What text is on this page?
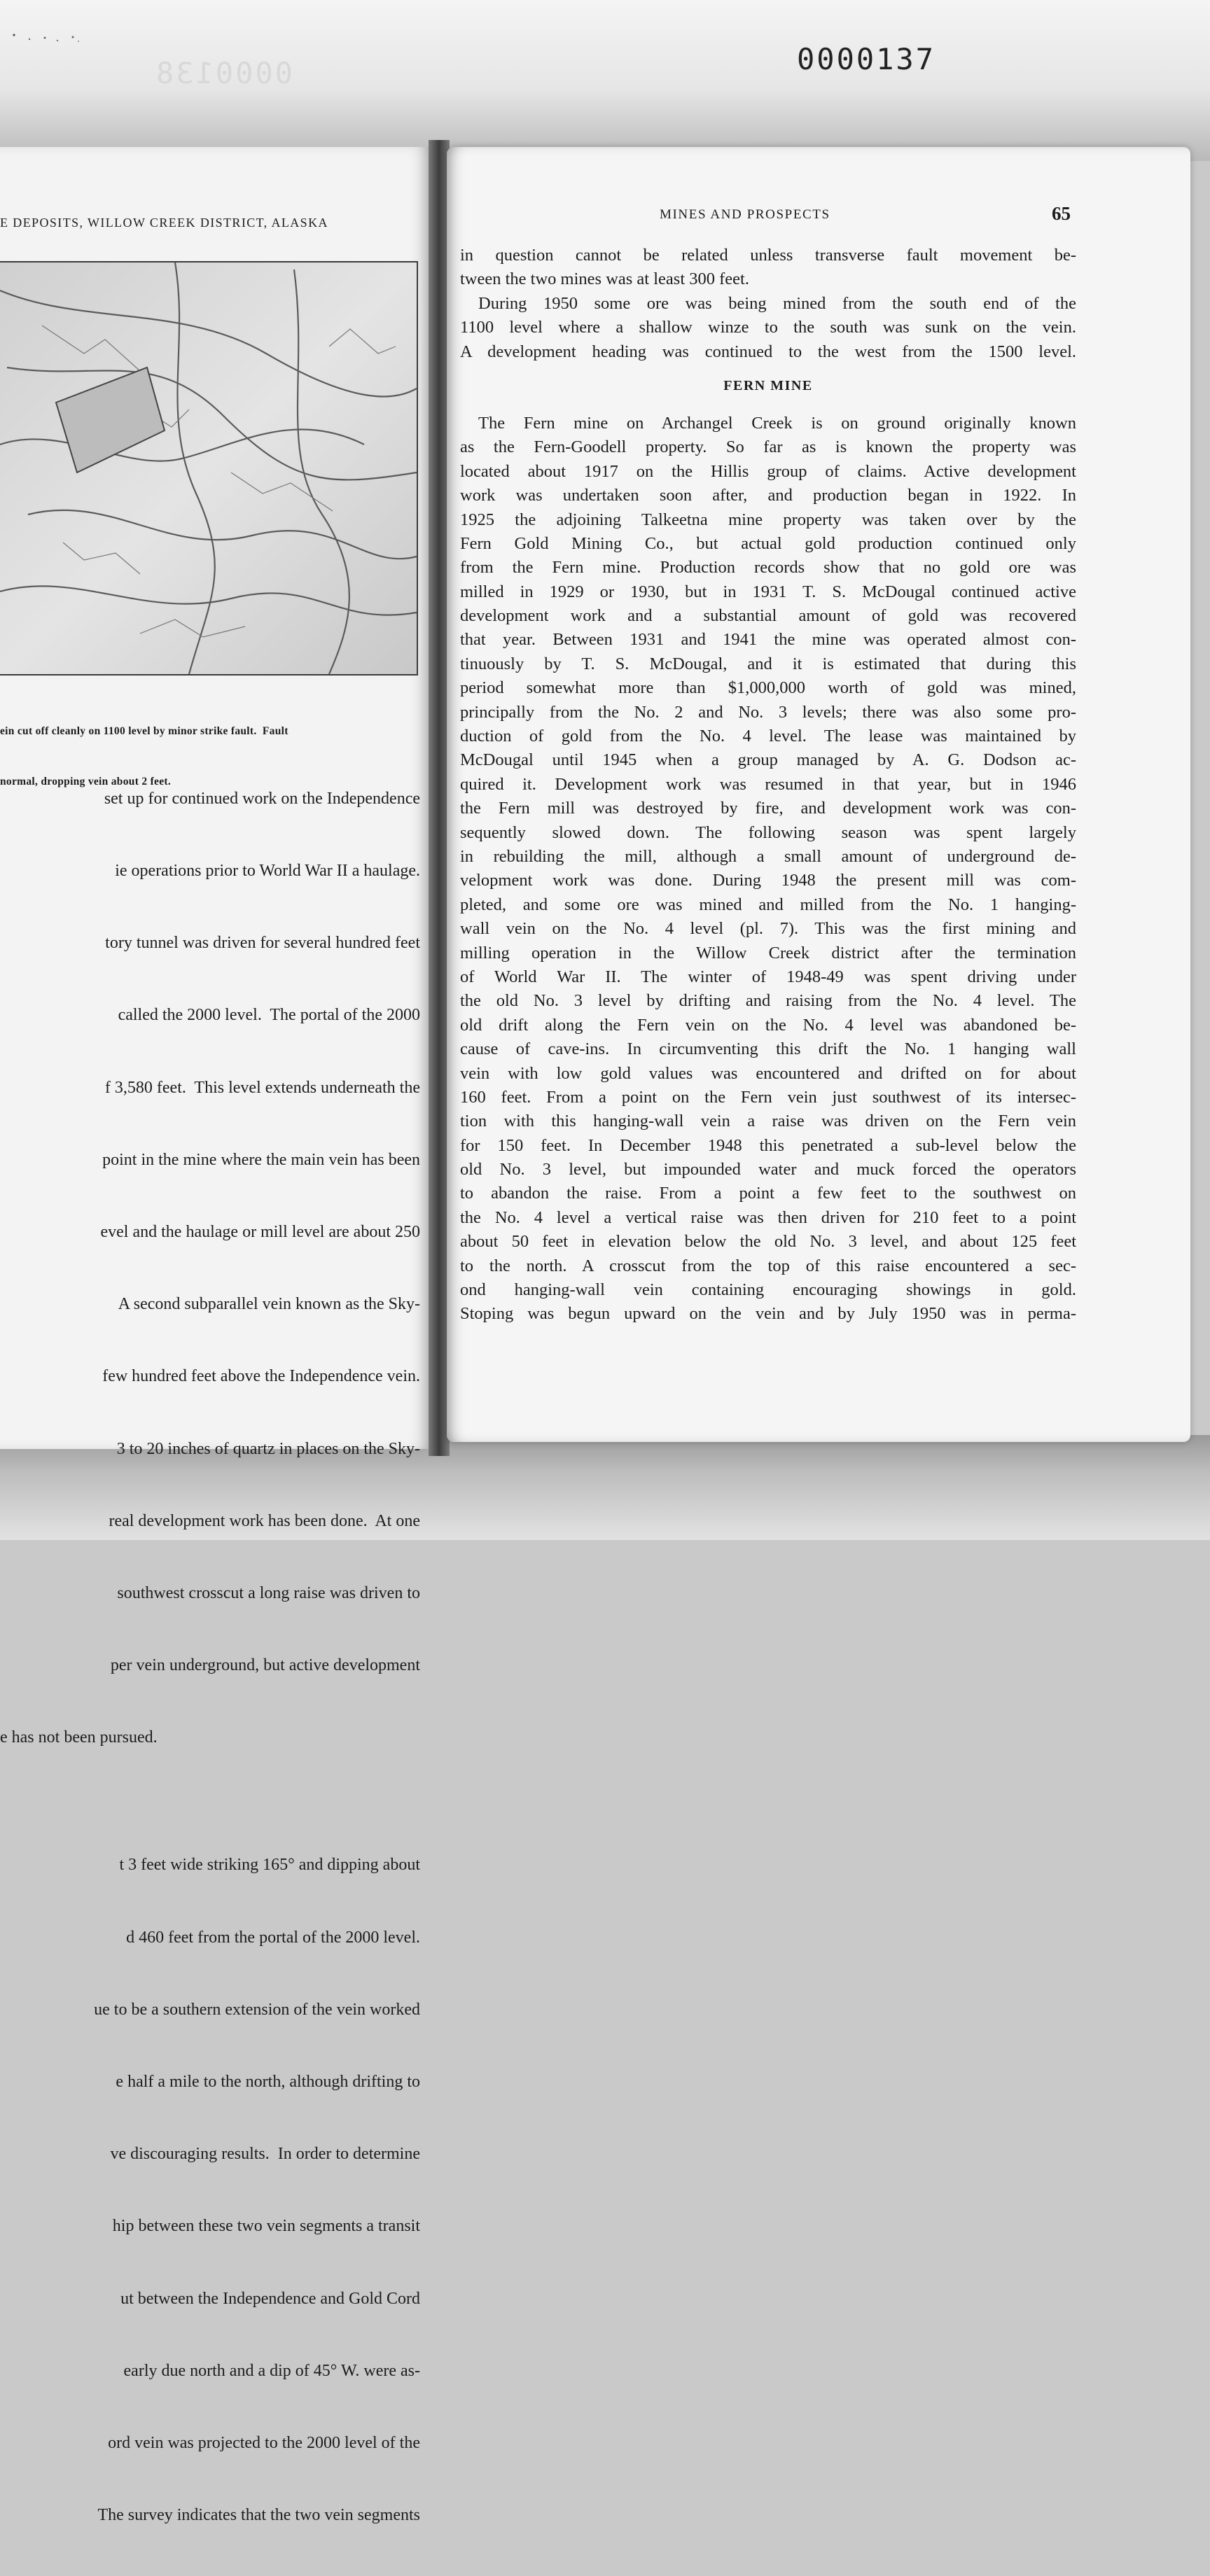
0000138	0000137
E DEPOSITS, WILLOW CREEK DISTRICT, ALASKA

ein cut off cleanly on 1100 level by minor strike fault.  Fault

normal, dropping vein about 2 feet.

set up for continued work on the Independence

ie operations prior to World War II a haulage.

tory tunnel was driven for several hundred feet

called the 2000 level.  The portal of the 2000

f 3,580 feet.  This level extends underneath the

point in the mine where the main vein has been

evel and the haulage or mill level are about 250

A second subparallel vein known as the Sky-

few hundred feet above the Independence vein.

3 to 20 inches of quartz in places on the Sky-

real development work has been done.  At one

southwest crosscut a long raise was driven to

per vein underground, but active development

e has not been pursued.

t 3 feet wide striking 165° and dipping about

d 460 feet from the portal of the 2000 level.

ue to be a southern extension of the vein worked

e half a mile to the north, although drifting to

ve discouraging results.  In order to determine

hip between these two vein segments a transit

ut between the Independence and Gold Cord

early due north and a dip of 45° W. were as-

ord vein was projected to the 2000 level of the

The survey indicates that the two vein segments

MINES AND PROSPECTS	65
in question cannot be related unless transverse fault movement be-
tween the two mines was at least 300 feet.
During 1950 some ore was being mined from the south end of the
1100 level where a shallow winze to the south was sunk on the vein.
A development heading was continued to the west from the 1500 level.
FERN MINE
The Fern mine on Archangel Creek is on ground originally known
as the Fern-Goodell property. So far as is known the property was
located about 1917 on the Hillis group of claims. Active development
work was undertaken soon after, and production began in 1922. In
1925 the adjoining Talkeetna mine property was taken over by the
Fern Gold Mining Co., but actual gold production continued only
from the Fern mine. Production records show that no gold ore was
milled in 1929 or 1930, but in 1931 T. S. McDougal continued active
development work and a substantial amount of gold was recovered
that year. Between 1931 and 1941 the mine was operated almost con-
tinuously by T. S. McDougal, and it is estimated that during this
period somewhat more than $1,000,000 worth of gold was mined,
principally from the No. 2 and No. 3 levels; there was also some pro-
duction of gold from the No. 4 level. The lease was maintained by
McDougal until 1945 when a group managed by A. G. Dodson ac-
quired it. Development work was resumed in that year, but in 1946
the Fern mill was destroyed by fire, and development work was con-
sequently slowed down. The following season was spent largely
in rebuilding the mill, although a small amount of underground de-
velopment work was done. During 1948 the present mill was com-
pleted, and some ore was mined and milled from the No. 1 hanging-
wall vein on the No. 4 level (pl. 7). This was the first mining and
milling operation in the Willow Creek district after the termination
of World War II. The winter of 1948-49 was spent driving under
the old No. 3 level by drifting and raising from the No. 4 level. The
old drift along the Fern vein on the No. 4 level was abandoned be-
cause of cave-ins. In circumventing this drift the No. 1 hanging wall
vein with low gold values was encountered and drifted on for about
160 feet. From a point on the Fern vein just southwest of its intersec-
tion with this hanging-wall vein a raise was driven on the Fern vein
for 150 feet. In December 1948 this penetrated a sub-level below the
old No. 3 level, but impounded water and muck forced the operators
to abandon the raise. From a point a few feet to the southwest on
the No. 4 level a vertical raise was then driven for 210 feet to a point
about 50 feet in elevation below the old No. 3 level, and about 125 feet
to the north. A crosscut from the top of this raise encountered a sec-
ond hanging-wall vein containing encouraging showings in gold.
Stoping was begun upward on the vein and by July 1950 was in perma-
